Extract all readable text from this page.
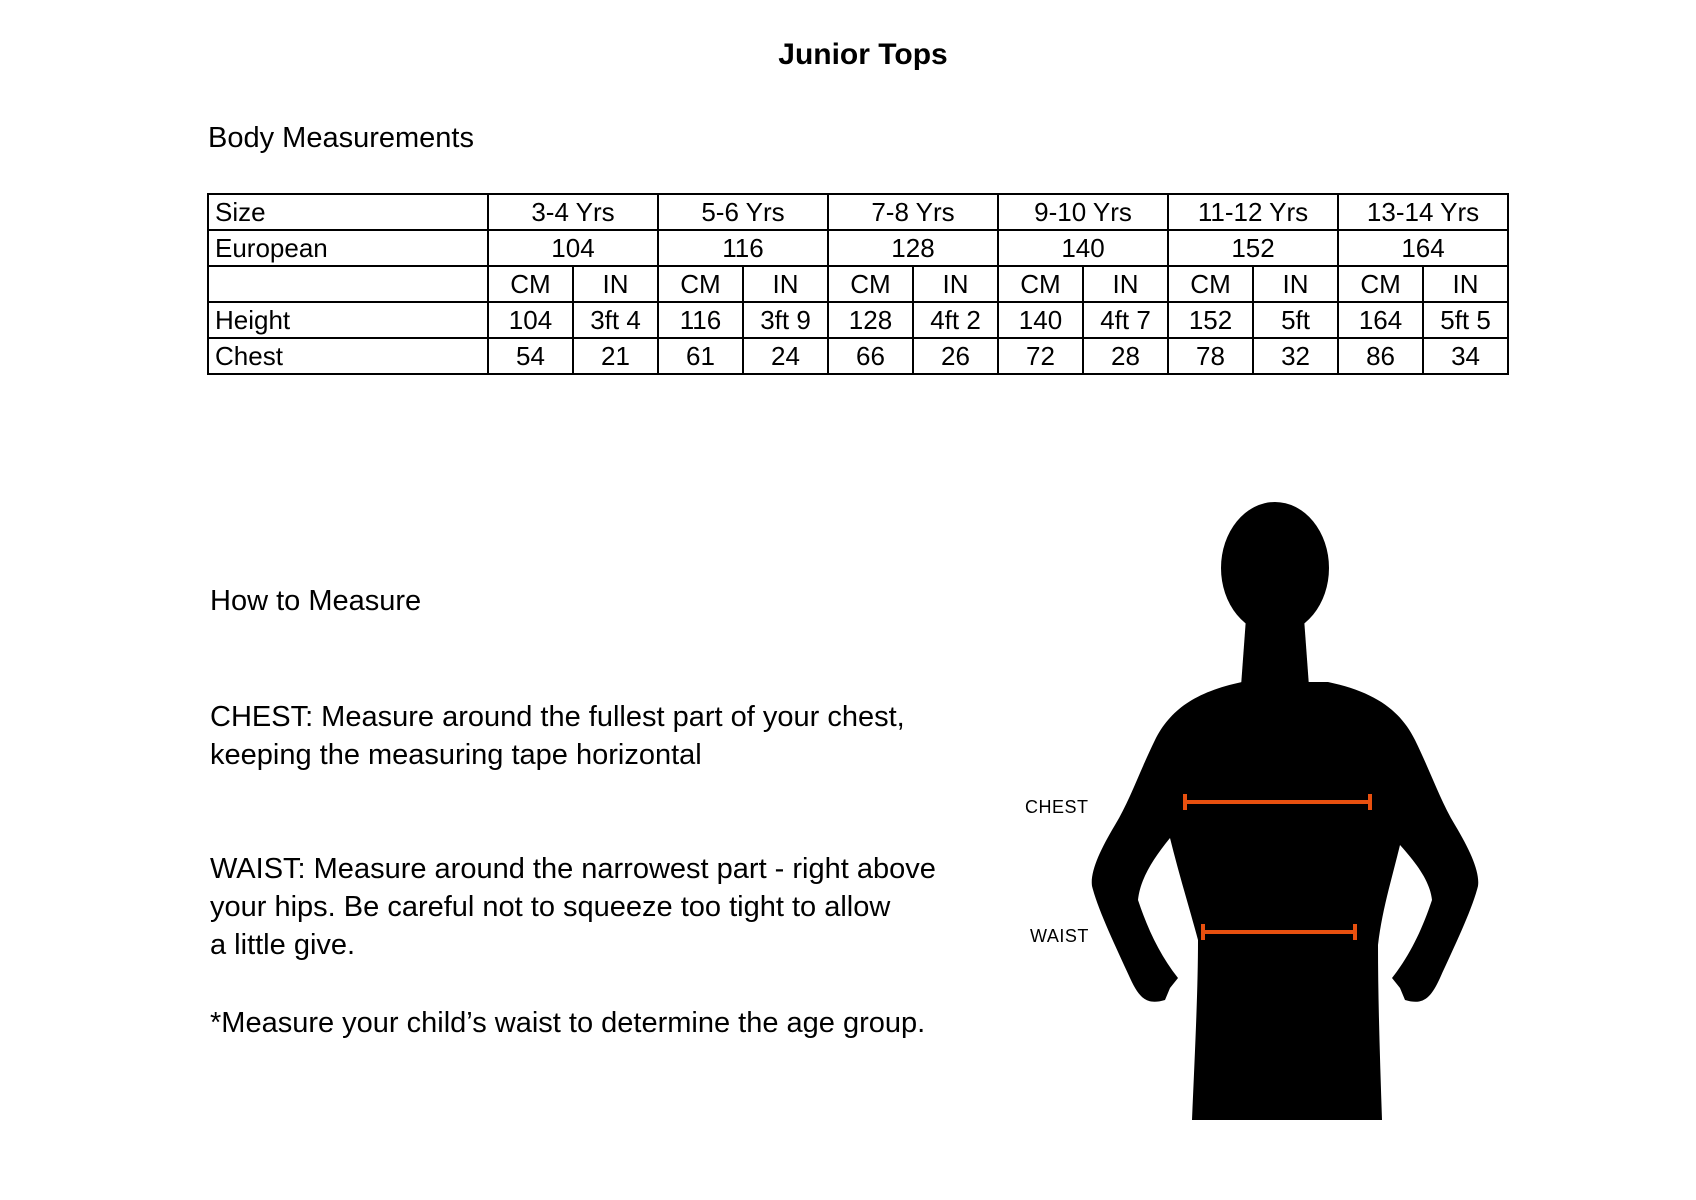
Junior Tops
Body Measurements
Size	3-4 Yrs		5-6 Yrs		7-8 Yrs		9-10 Yrs		11-12 Yrs		13-14 Yrs	
European	104		116		128		140		152		164	
	CM	IN	CM	IN	CM	IN	CM	IN	CM	IN	CM	IN
Height	104	3ft 4	116	3ft 9	128	4ft 2	140	4ft 7	152	5ft	164	5ft 5
Chest	54	21	61	24	66	26	72	28	78	32	86	34
How to Measure
CHEST: Measure around the fullest part of your chest,
keeping the measuring tape horizontal
WAIST: Measure around the narrowest part - right above
your hips. Be careful not to squeeze too tight to allow
a little give.
*Measure your child’s waist to determine the age group.
CHEST
WAIST
